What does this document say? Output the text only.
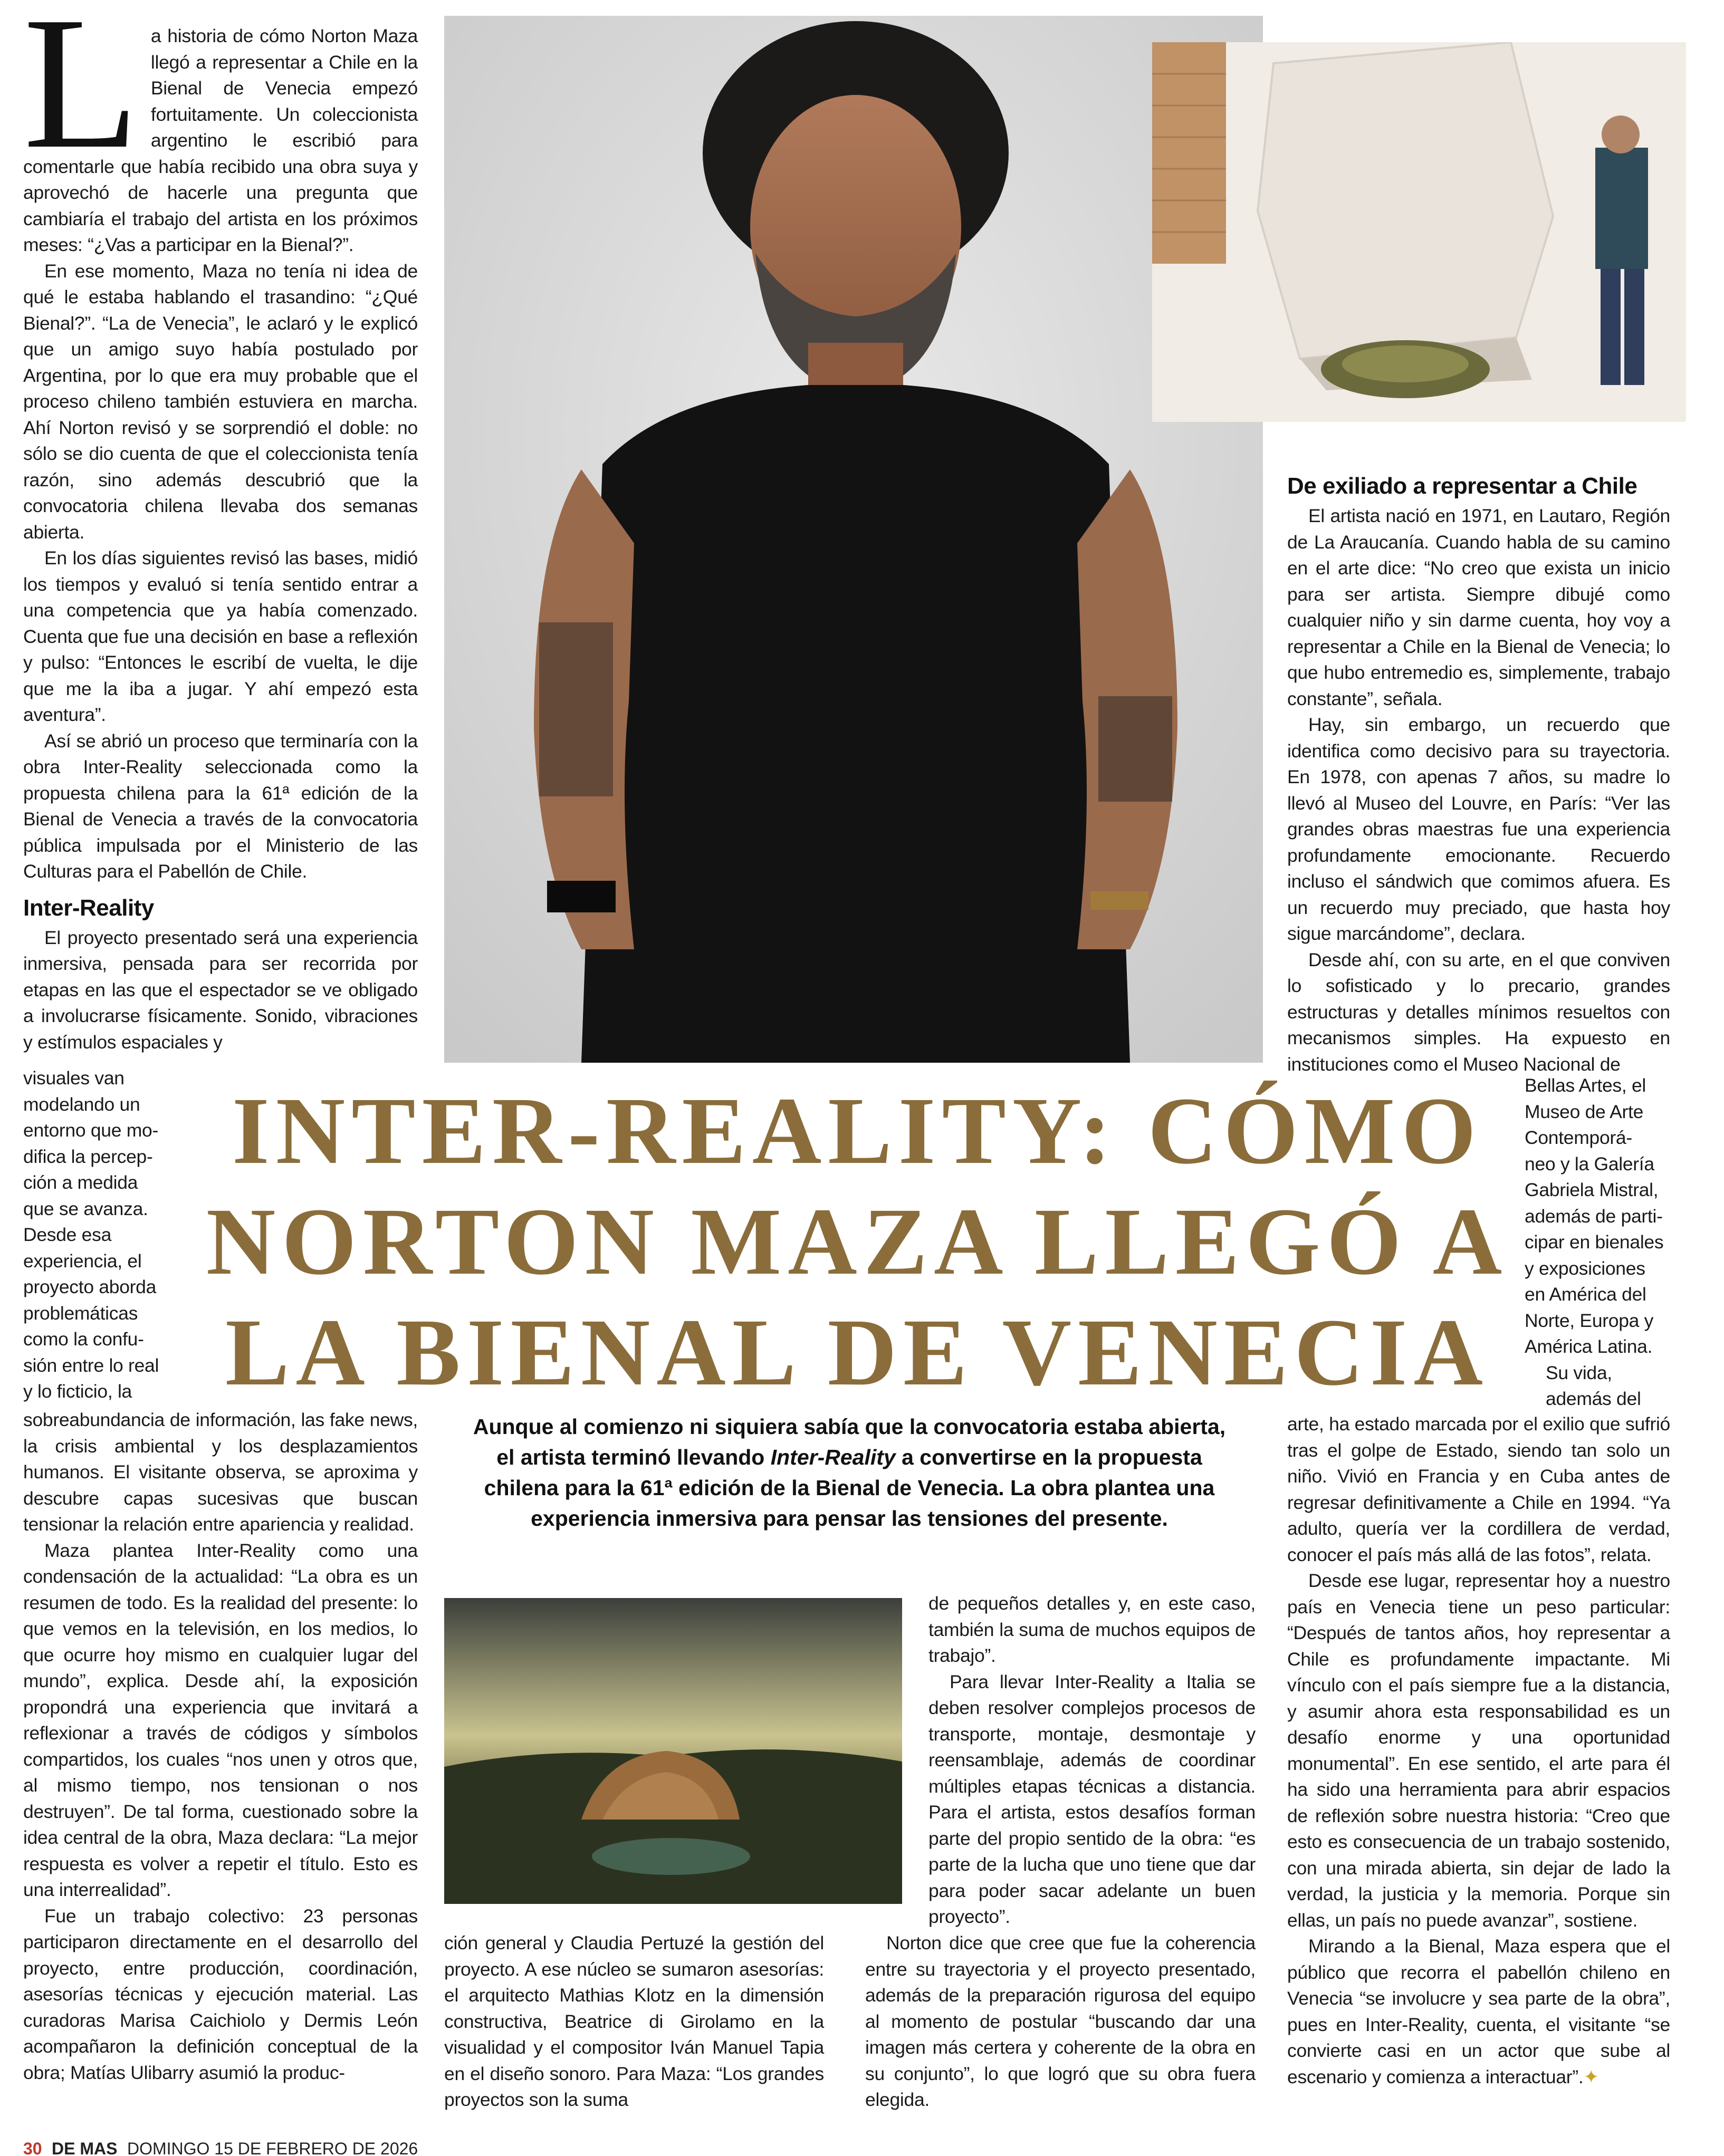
L a historia de cómo Norton Maza llegó a representar a Chile en la Bienal de Venecia empezó fortuitamente. Un coleccionista argentino le escribió para comentarle que había recibido una obra suya y aprovechó de hacerle una pregunta que cambiaría el trabajo del artista en los próximos meses: “¿Vas a participar en la Bienal?”.

En ese momento, Maza no tenía ni idea de qué le estaba hablando el trasandino: “¿Qué Bienal?”. “La de Venecia”, le aclaró y le explicó que un amigo suyo había postulado por Argentina, por lo que era muy probable que el proceso chileno también estuviera en marcha. Ahí Norton revisó y se sorprendió el doble: no sólo se dio cuenta de que el coleccionista tenía razón, sino además descubrió que la convocatoria chilena llevaba dos semanas abierta.

En los días siguientes revisó las bases, midió los tiempos y evaluó si tenía sentido entrar a una competencia que ya había comenzado. Cuenta que fue una decisión en base a reflexión y pulso: “Entonces le escribí de vuelta, le dije que me la iba a jugar. Y ahí empezó esta aventura”.

Así se abrió un proceso que terminaría con la obra Inter-Reality seleccionada como la propuesta chilena para la 61ª edición de la Bienal de Venecia a través de la convocatoria pública impulsada por el Ministerio de las Culturas para el Pabellón de Chile.

Inter-Reality

El proyecto presentado será una experiencia inmersiva, pensada para ser recorrida por etapas en las que el espectador se ve obligado a involucrarse físicamente. Sonido, vibraciones y estímulos espaciales y

visuales van

modelando un

entorno que mo-

difica la percep-

ción a medida

que se avanza.

Desde esa

experiencia, el

proyecto aborda

problemáticas

como la confu-

sión entre lo real

y lo ficticio, la

sobreabundancia de información, las fake news, la crisis ambiental y los desplazamientos humanos. El visitante observa, se aproxima y descubre capas sucesivas que buscan tensionar la relación entre apariencia y realidad.

Maza plantea Inter-Reality como una condensación de la actualidad: “La obra es un resumen de todo. Es la realidad del presente: lo que vemos en la televisión, en los medios, lo que ocurre hoy mismo en cualquier lugar del mundo”, explica. Desde ahí, la exposición propondrá una experiencia que invitará a reflexionar a través de códigos y símbolos compartidos, los cuales “nos unen y otros que, al mismo tiempo, nos tensionan o nos destruyen”. De tal forma, cuestionado sobre la idea central de la obra, Maza declara: “La mejor respuesta es volver a repetir el título. Esto es una interrealidad”.

Fue un trabajo colectivo: 23 personas participaron directamente en el desarrollo del proyecto, entre producción, coordinación, asesorías técnicas y ejecución material. Las curadoras Marisa Caichiolo y Dermis León acompañaron la definición conceptual de la obra; Matías Ulibarry asumió la produc-

De exiliado a representar a Chile

El artista nació en 1971, en Lautaro, Región de La Araucanía. Cuando habla de su camino en el arte dice: “No creo que exista un inicio para ser artista. Siempre dibujé como cualquier niño y sin darme cuenta, hoy voy a representar a Chile en la Bienal de Venecia; lo que hubo entremedio es, simplemente, trabajo constante”, señala.

Hay, sin embargo, un recuerdo que identifica como decisivo para su trayectoria. En 1978, con apenas 7 años, su madre lo llevó al Museo del Louvre, en París: “Ver las grandes obras maestras fue una experiencia profundamente emocionante. Recuerdo incluso el sándwich que comimos afuera. Es un recuerdo muy preciado, que hasta hoy sigue marcándome”, declara.

Desde ahí, con su arte, en el que conviven lo sofisticado y lo precario, grandes estructuras y detalles mínimos resueltos con mecanismos simples. Ha expuesto en instituciones como el Museo Nacional de

Bellas Artes, el

Museo de Arte

Contemporá-

neo y la Galería

Gabriela Mistral,

además de parti-

cipar en bienales

y exposiciones

en América del

Norte, Europa y

América Latina.

Su vida,

además del

arte, ha estado marcada por el exilio que sufrió tras el golpe de Estado, siendo tan solo un niño. Vivió en Francia y en Cuba antes de regresar definitivamente a Chile en 1994. “Ya adulto, quería ver la cordillera de verdad, conocer el país más allá de las fotos”, relata.

Desde ese lugar, representar hoy a nuestro país en Venecia tiene un peso particular: “Después de tantos años, hoy representar a Chile es profundamente impactante. Mi vínculo con el país siempre fue a la distancia, y asumir ahora esta responsabilidad es un desafío enorme y una oportunidad monumental”. En ese sentido, el arte para él ha sido una herramienta para abrir espacios de reflexión sobre nuestra historia: “Creo que esto es consecuencia de un trabajo sostenido, con una mirada abierta, sin dejar de lado la verdad, la justicia y la memoria. Porque sin ellas, un país no puede avanzar”, sostiene.

Mirando a la Bienal, Maza espera que el público que recorra el pabellón chileno en Venecia “se involucre y sea parte de la obra”, pues en Inter-Reality, cuenta, el visitante “se convierte casi en un actor que sube al escenario y comienza a interactuar”.✦

INTER-REALITY: CÓMO

NORTON MAZA LLEGÓ A

LA BIENAL DE VENECIA

Aunque al comienzo ni siquiera sabía que la convocatoria estaba abierta,

el artista terminó llevando Inter-Reality a convertirse en la propuesta

chilena para la 61ª edición de la Bienal de Venecia. La obra plantea una

experiencia inmersiva para pensar las tensiones del presente.

ción general y Claudia Pertuzé la gestión del proyecto. A ese núcleo se sumaron asesorías: el arquitecto Mathias Klotz en la dimensión constructiva, Beatrice di Girolamo en la visualidad y el compositor Iván Manuel Tapia en el diseño sonoro. Para Maza: “Los grandes proyectos son la suma

de pequeños detalles y, en este caso, también la suma de muchos equipos de trabajo”.

Para llevar Inter-Reality a Italia se deben resolver complejos procesos de transporte, montaje, desmontaje y reensamblaje, además de coordinar múltiples etapas técnicas a distancia. Para el artista, estos desafíos forman parte del propio sentido de la obra: “es parte de la lucha que uno tiene que dar para poder sacar adelante un buen proyecto”.

Norton dice que cree que fue la coherencia entre su trayectoria y el proyecto presentado, además de la preparación rigurosa del equipo al momento de postular “buscando dar una imagen más certera y coherente de la obra en su conjunto”, lo que logró que su obra fuera elegida.

30 DE MAS DOMINGO 15 DE FEBRERO DE 2026
